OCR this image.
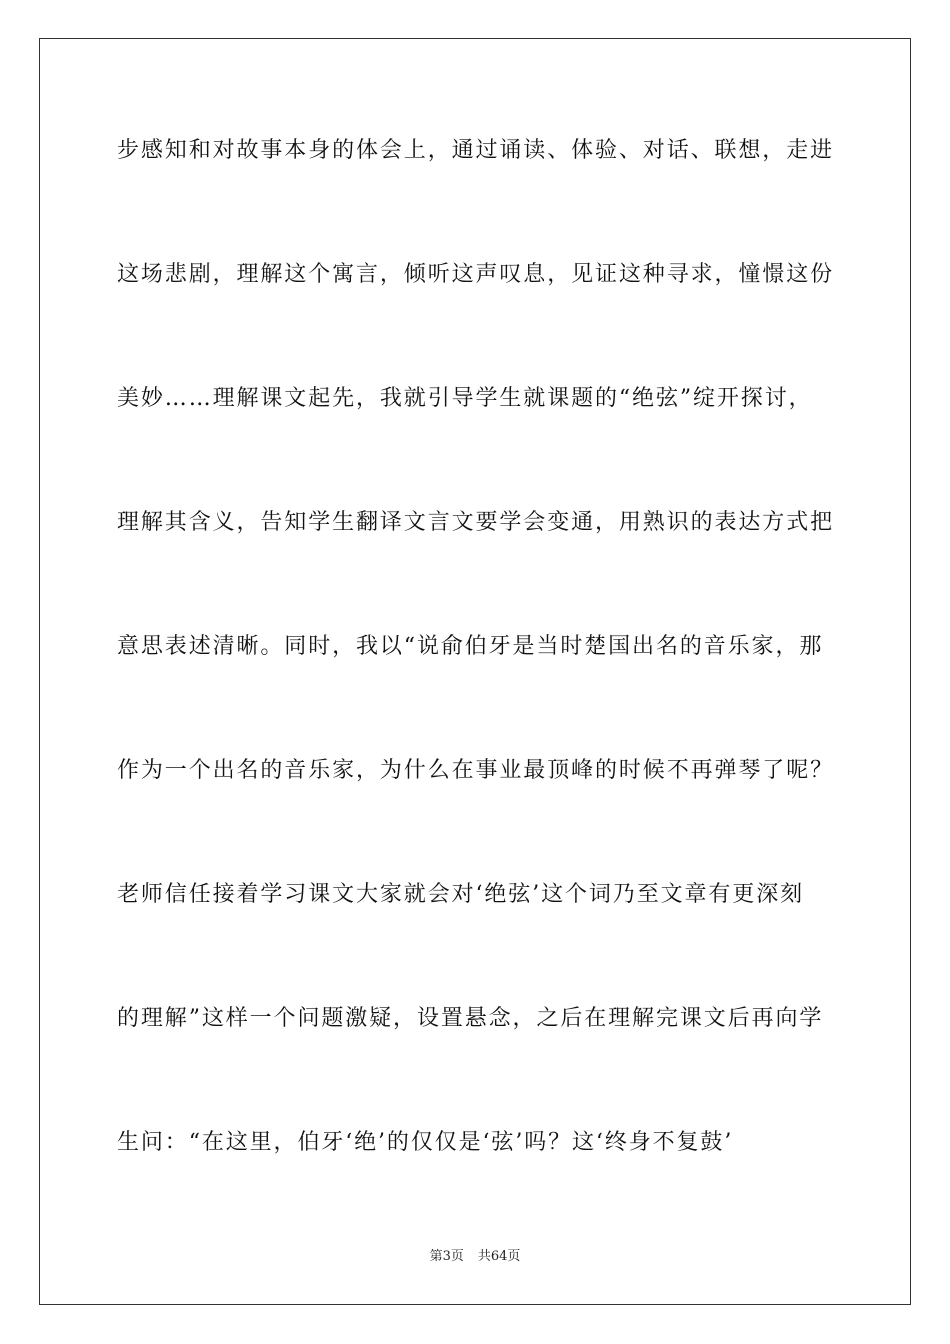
步感知和对故事本身的体会上，通过诵读、体验、对话、联想，走进
这场悲剧，理解这个寓言，倾听这声叹息，见证这种寻求，憧憬这份
美妙……理解课文起先，我就引导学生就课题的“绝弦”绽开探讨，
理解其含义，告知学生翻译文言文要学会变通，用熟识的表达方式把
意思表述清晰。同时，我以“说俞伯牙是当时楚国出名的音乐家，那
作为一个出名的音乐家，为什么在事业最顶峰的时候不再弹琴了呢？
老师信任接着学习课文大家就会对‘绝弦’这个词乃至文章有更深刻
的理解”这样一个问题激疑，设置悬念，之后在理解完课文后再向学
生问：“在这里，伯牙‘绝’的仅仅是‘弦’吗？这‘终身不复鼓’
第3页 共64页
